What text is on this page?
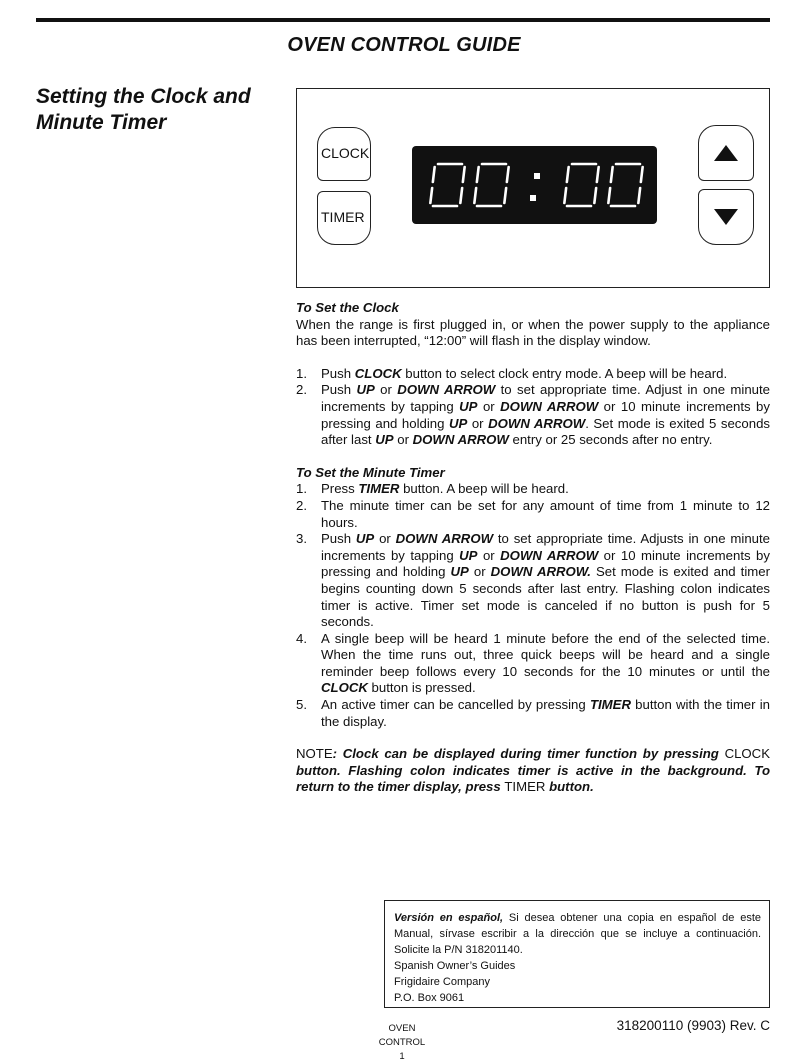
OVEN CONTROL GUIDE
Setting the Clock and
Minute Timer
CLOCK
TIMER

To Set the Clock

When the range is first plugged in, or when the power supply to the appliance has been interrupted, “12:00” will flash in the display window.

1. Push CLOCK button to select clock entry mode. A beep will be heard.
2. Push UP or DOWN ARROW to set appropriate time. Adjust in one minute increments by tapping UP or DOWN ARROW or 10 minute increments by pressing and holding UP or DOWN ARROW. Set mode is exited 5 seconds after last UP or DOWN ARROW entry or 25 seconds after no entry.

To Set the Minute Timer

1. Press TIMER button. A beep will be heard.
2. The minute timer can be set for any amount of time from 1 minute to 12 hours.
3. Push UP or DOWN ARROW to set appropriate time. Adjusts in one minute increments by tapping UP or DOWN ARROW or 10 minute increments by pressing and holding UP or DOWN ARROW. Set mode is exited and timer begins counting down 5 seconds after last entry. Flashing colon indicates timer is active. Timer set mode is canceled if no button is push for 5 seconds.
4. A single beep will be heard 1 minute before the end of the selected time. When the time runs out, three quick beeps will be heard and a single reminder beep follows every 10 seconds for the 10 minutes or until the CLOCK button is pressed.
5. An active timer can be cancelled by pressing TIMER button with the timer in the display.

NOTE: Clock can be displayed during timer function by pressing CLOCK button. Flashing colon indicates timer is active in the background. To return to the timer display, press TIMER button.

Versión en español, Si desea obtener una copia en español de este Manual, sírvase escribir a la dirección que se incluye a continuación. Solicite la P/N 318201140.
Spanish Owner’s Guides
Frigidaire Company
P.O. Box 9061
OVEN CONTROL
1
318200110 (9903) Rev. C
